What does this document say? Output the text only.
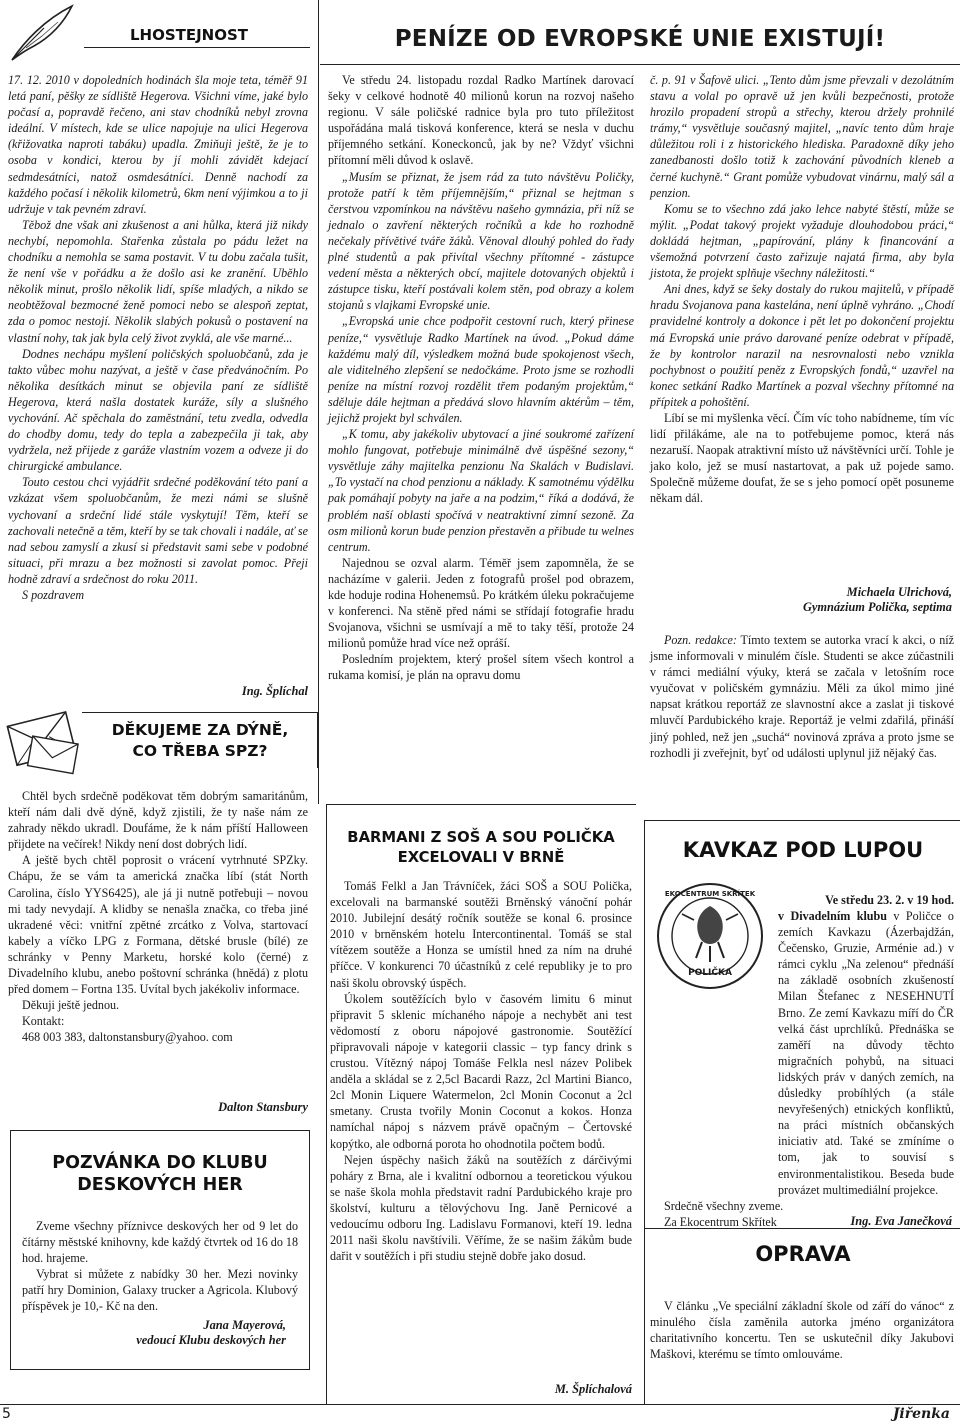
LHOSTEJNOST	PENÍZE OD EVROPSKÉ UNIE EXISTUJÍ!

17. 12. 2010 v dopoledních hodinách šla moje teta, téměř 91 letá paní, pěšky ze sídliště Hegerova. Všichni víme, jaké bylo počasí a, popravdě řečeno, ani stav chodníků nebyl zrovna ideální. V místech, kde se ulice napojuje na ulici Hegerova (křižovatka naproti tabáku) upadla. Zmiňuji ještě, že je to osoba v kondici, kterou by jí mohli závidět kdejací sedmdesátníci, natož osmdesátníci. Denně nachodí za každého počasí i několik kilometrů, 6km není výjimkou a to ji udržuje v tak pevném zdraví.

Těbož dne však ani zkušenost a ani hůlka, která již nikdy nechybí, nepomohla. Stařenka zůstala po pádu ležet na chodníku a nemohla se sama postavit. V tu dobu začala tušit, že není vše v pořádku a že došlo asi ke zranění. Uběhlo několik minut, prošlo několik lidí, spíše mladých, a nikdo se neobtěžoval bezmocné ženě pomoci nebo se alespoň zeptat, zda o pomoc nestojí. Několik slabých pokusů o postavení na vlastní nohy, tak jak byla celý život zvyklá, ale vše marné...

Dodnes nechápu myšlení poličských spoluobčanů, zda je takto vůbec mohu nazývat, a ještě v čase předvánočním. Po několika desítkách minut se objevila paní ze sídliště Hegerova, která našla dostatek kuráže, síly a slušného vychování. Ač spěchala do zaměstnání, tetu zvedla, odvedla do chodby domu, tedy do tepla a zabezpečila ji tak, aby vydržela, než přijede z garáže vlastním vozem a odveze ji do chirurgické ambulance.

Touto cestou chci vyjádřit srdečné poděkování této paní a vzkázat všem spoluobčanům, že mezi námi se slušně vychovaní a srdeční lidé stále vyskytují! Těm, kteří se zachovali netečně a těm, kteří by se tak chovali i nadále, ať se nad sebou zamyslí a zkusí si představit sami sebe v podobné situaci, při mrazu a bez možnosti si zavolat pomoc. Přeji hodně zdraví a srdečnost do roku 2011.

S pozdravem

Ing. Šplíchal
DĚKUJEME ZA DÝNĚ,
CO TŘEBA SPZ?

Chtěl bych srdečně poděkovat těm dobrým samaritánům, kteří nám dali dvě dýně, když zjistili, že ty naše nám ze zahrady někdo ukradl. Doufáme, že k nám příští Halloween přijdete na večírek! Nikdy není dost dobrých lidí.

A ještě bych chtěl poprosit o vrácení vytrhnuté SPZky. Chápu, že se vám ta americká značka líbí (stát North Carolina, číslo YYS6425), ale já ji nutně potřebuji – novou mi tady nevydají. A klidby se nenašla značka, co třeba jiné ukradené věci: vnitřní zpětné zrcátko z Volva, startovací kabely a víčko LPG z Formana, dětské brusle (bílé) ze schránky v Penny Marketu, horské kolo (černé) z Divadelního klubu, anebo poštovní schránka (hnědá) z plotu před domem – Fortna 135. Uvítal bych jakékoliv informace.

Děkuji ještě jednou.

Kontakt:

468 003 383, daltonstansbury@yahoo. com

Dalton Stansbury
POZVÁNKA DO KLUBU
DESKOVÝCH HER

Zveme všechny příznivce deskových her od 9 let do čítárny městské knihovny, kde každý čtvrtek od 16 do 18 hod. hrajeme.

Vybrat si můžete z nabídky 30 her. Mezi novinky patří hry Dominion, Galaxy trucker a Agricola. Klubový příspěvek je 10,- Kč na den.

Jana Mayerová,
vedoucí Klubu deskových her

Ve středu 24. listopadu rozdal Radko Martínek darovací šeky v celkové hodnotě 40 milionů korun na rozvoj našeho regionu. V sále poličské radnice byla pro tuto příležitost uspořádána malá tisková konference, která se nesla v duchu příjemného setkání. Koneckonců, jak by ne? Vždyť všichni přítomní měli důvod k oslavě.

„Musím se přiznat, že jsem rád za tuto návštěvu Poličky, protože patří k těm příjemnějším,“ přiznal se hejtman s čerstvou vzpomínkou na návštěvu našeho gymnázia, při níž se jednalo o zavření některých ročníků a kde ho rozhodně nečekaly přívětivé tváře žáků. Věnoval dlouhý pohled do řady plné studentů a pak přivítal všechny přítomné - zástupce vedení města a některých obcí, majitele dotovaných objektů i zástupce tisku, kteří postávali kolem stěn, pod obrazy a kolem stojanů s vlajkami Evropské unie.

„Evropská unie chce podpořit cestovní ruch, který přinese peníze,“ vysvětluje Radko Martínek na úvod. „Pokud dáme každému malý díl, výsledkem možná bude spokojenost všech, ale viditelného zlepšení se nedočkáme. Proto jsme se rozhodli peníze na místní rozvoj rozdělit třem podaným projektům,“ sděluje dále hejtman a předává slovo hlavním aktérům – těm, jejichž projekt byl schválen.

„K tomu, aby jakékoliv ubytovací a jiné soukromé zařízení mohlo fungovat, potřebuje minimálně dvě úspěšné sezony,“ vysvětluje záhy majitelka penzionu Na Skalách v Budislavi. „To vystačí na chod penzionu a náklady. K samotnému výdělku pak pomáhají pobyty na jaře a na podzim,“ říká a dodává, že problém naší oblasti spočívá v neatraktivní zimní sezoně. Za osm milionů korun bude penzion přestavěn a přibude tu welnes centrum.

Najednou se ozval alarm. Téměř jsem zapomněla, že se nacházíme v galerii. Jeden z fotografů prošel pod obrazem, kde hoduje rodina Hohenemsů. Po krátkém úleku pokračujeme v konferenci. Na stěně před námi se střídají fotografie hradu Svojanova, všichni se usmívají a mě to taky těší, protože 24 milionů pomůže hrad více než opráší.

Posledním projektem, který prošel sítem všech kontrol a rukama komisí, je plán na opravu domu

č. p. 91 v Šafově ulici. „Tento dům jsme převzali v dezolátním stavu a volal po opravě už jen kvůli bezpečnosti, protože hrozilo propadení stropů a střechy, kterou držely prohnilé trámy,“ vysvětluje současný majitel, „navíc tento dům hraje důležitou roli i z historického hlediska. Paradoxně díky jeho zanedbanosti došlo totiž k zachování původních kleneb a černé kuchyně.“ Grant pomůže vybudovat vinárnu, malý sál a penzion.

Komu se to všechno zdá jako lehce nabyté štěstí, může se mýlit. „Podat takový projekt vyžaduje dlouhodobou práci,“ dokládá hejtman, „papírování, plány k financování a všemožná potvrzení často zařizuje najatá firma, aby byla jistota, že projekt splňuje všechny náležitosti.“

Ani dnes, když se šeky dostaly do rukou majitelů, v případě hradu Svojanova pana kastelána, není úplně vyhráno. „Chodí pravidelné kontroly a dokonce i pět let po dokončení projektu má Evropská unie právo darované peníze odebrat v případě, že by kontrolor narazil na nesrovnalosti nebo vznikla pochybnost o použití peněz z Evropských fondů,“ uzavřel na konec setkání Radko Martínek a pozval všechny přítomné na přípitek a pohoštění.

Líbí se mi myšlenka věcí. Čím víc toho nabídneme, tím víc lidí přilákáme, ale na to potřebujeme pomoc, která nás nezaruší. Naopak atraktivní místo už návštěvníci určí. Tohle je jako kolo, jež se musí nastartovat, a pak už pojede samo. Společně můžeme doufat, že se s jeho pomocí opět posuneme někam dál.

Michaela Ulrichová,
Gymnázium Polička, septima

Pozn. redakce: Tímto textem se autorka vrací k akci, o níž jsme informovali v minulém čísle. Studenti se akce zúčastnili v rámci mediální výuky, která se začala v letošním roce vyučovat v poličském gymnáziu. Měli za úkol mimo jiné napsat krátkou reportáž ze slavnostní akce a zaslat ji tiskové mluvčí Pardubického kraje. Reportáž je velmi zdařilá, přináší jiný pohled, než jen „suchá“ novinová zpráva a proto jsme se rozhodli ji zveřejnit, byť od události uplynul již nějaký čas.

BARMANI Z SOŠ A SOU POLIČKA
EXCELOVALI V BRNĚ

Tomáš Felkl a Jan Trávníček, žáci SOŠ a SOU Polička, excelovali na barmanské soutěži Brněnský vánoční pohár 2010. Jubilejní desátý ročník soutěže se konal 6. prosince 2010 v brněnském hotelu Intercontinental. Tomáš se stal vítězem soutěže a Honza se umístil hned za ním na druhé příčce. V konkurenci 70 účastníků z celé republiky je to pro naši školu obrovský úspěch.

Úkolem soutěžících bylo v časovém limitu 6 minut připravit 5 sklenic míchaného nápoje a nechybět ani test vědomostí z oboru nápojové gastronomie. Soutěžící připravovali nápoje v kategorii classic – typ fancy drink s crustou. Vítězný nápoj Tomáše Felkla nesl název Polibek anděla a skládal se z 2,5cl Bacardi Razz, 2cl Martini Bianco, 2cl Monin Liquere Watermelon, 2cl Monin Coconut a 2cl smetany. Crusta tvořily Monin Coconut a kokos. Honza namíchal nápoj s názvem právě opačným – Čertovské kopýtko, ale odborná porota ho ohodnotila počtem bodů.

Nejen úspěchy našich žáků na soutěžích z dárčivými poháry z Brna, ale i kvalitní odbornou a teoretickou výukou se naše škola mohla představit radní Pardubického kraje pro školství, kulturu a tělovýchovu Ing. Janě Pernicové a vedoucímu odboru Ing. Ladislavu Formanovi, kteří 19. ledna 2011 naši školu navštívili. Věříme, že se našim žákům bude dařit v soutěžích i při studiu stejně dobře jako dosud.

M. Šplíchalová
KAVKAZ POD LUPOU
EKOCENTRUM SKŘÍTEK
POLIČKA
Ve středu 23. 2. v 19 hod.

v Divadelním klubu v Poličce o zemích Kavkazu (Ázerbajdžán, Čečensko, Gruzie, Arménie ad.) v rámci cyklu „Na zelenou“ přednáší na základě osobních zkušeností Milan Štefanec z NESEHNUTÍ Brno. Ze zemí Kavkazu míří do ČR velká část uprchlíků. Přednáška se zaměří na důvody těchto migračních pohybů, na situaci lidských práv v daných zemích, na důsledky probíhlých (a stále nevyřešených) etnických konfliktů, na práci místních občanských iniciativ atd. Také se zmíníme o tom, jak to souvisí s environmentalistikou. Beseda bude provázet multimediální projekce.

Srdečně všechny zveme.

Za Ekocentrum Skřítek	Ing. Eva Janečková
OPRAVA

V článku „Ve speciální základní škole od září do vánoc“ z minulého čísla zaměnila autorka jméno organizátora charitativního koncertu. Ten se uskutečnil díky Jakubovi Maškovi, kterému se tímto omlouváme.

5	Jiřenka
